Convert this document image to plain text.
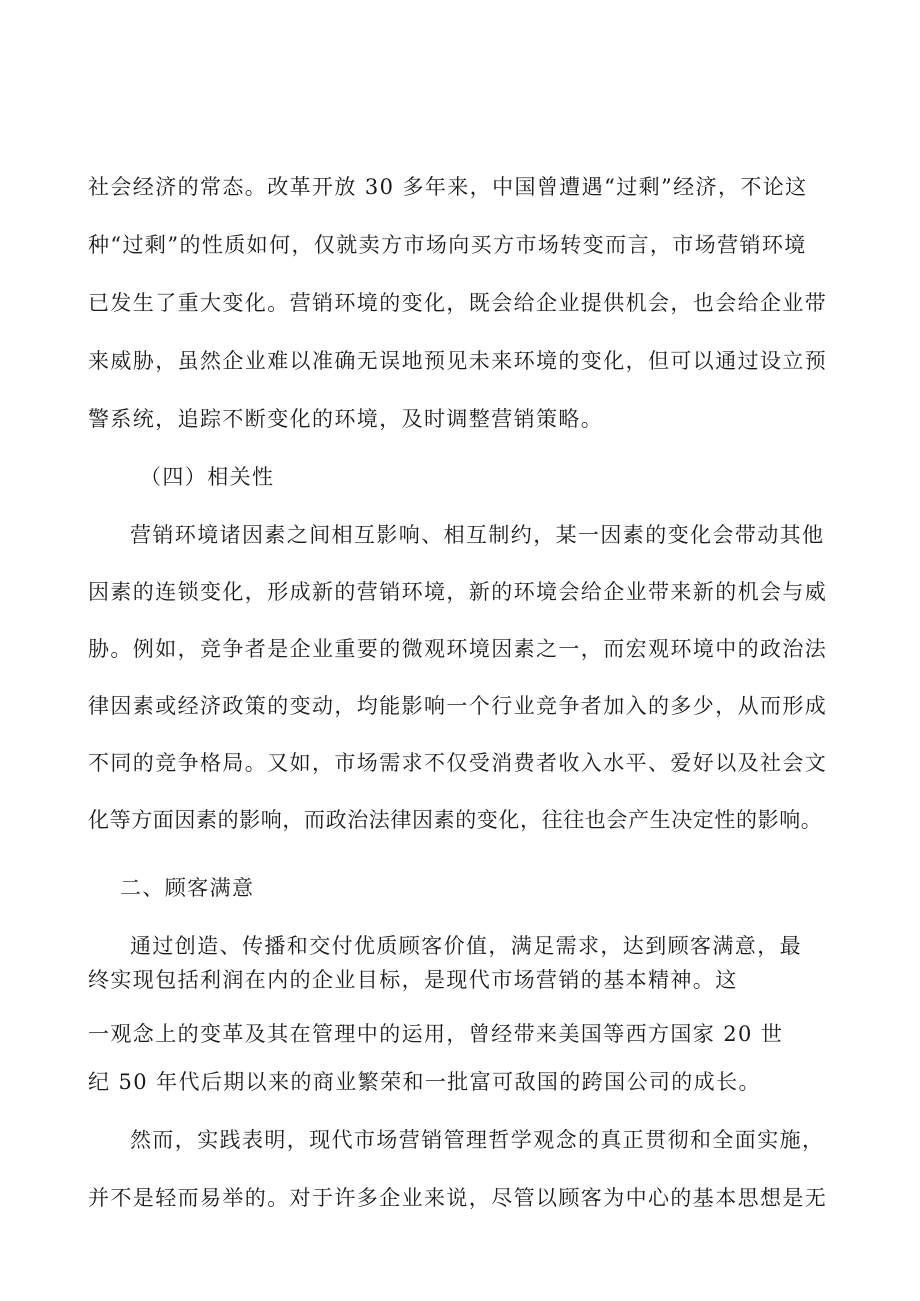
社会经济的常态。改革开放 30 多年来，中国曾遭遇“过剩”经济，不论这
种“过剩”的性质如何，仅就卖方市场向买方市场转变而言，市场营销环境
已发生了重大变化。营销环境的变化，既会给企业提供机会，也会给企业带
来威胁，虽然企业难以准确无误地预见未来环境的变化，但可以通过设立预
警系统，追踪不断变化的环境，及时调整营销策略。
（四）相关性
营销环境诸因素之间相互影响、相互制约，某一因素的变化会带动其他
因素的连锁变化，形成新的营销环境，新的环境会给企业带来新的机会与威
胁。例如，竞争者是企业重要的微观环境因素之一，而宏观环境中的政治法
律因素或经济政策的变动，均能影响一个行业竞争者加入的多少，从而形成
不同的竞争格局。又如，市场需求不仅受消费者收入水平、爱好以及社会文
化等方面因素的影响，而政治法律因素的变化，往往也会产生决定性的影响。
二、顾客满意
通过创造、传播和交付优质顾客价值，满足需求，达到顾客满意，最
终实现包括利润在内的企业目标，是现代市场营销的基本精神。这
一观念上的变革及其在管理中的运用，曾经带来美国等西方国家 20 世
纪 50 年代后期以来的商业繁荣和一批富可敌国的跨国公司的成长。
然而，实践表明，现代市场营销管理哲学观念的真正贯彻和全面实施，
并不是轻而易举的。对于许多企业来说，尽管以顾客为中心的基本思想是无
